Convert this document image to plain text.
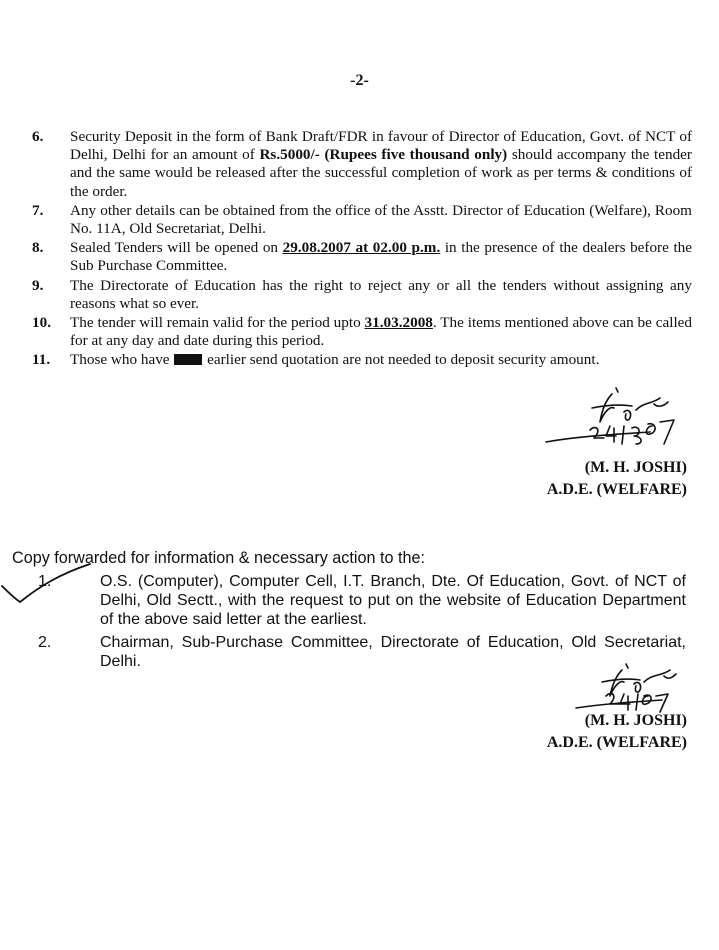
-2-
6.	Security Deposit in the form of Bank Draft/FDR in favour of Director of Education, Govt. of NCT of Delhi, Delhi for an amount of Rs.5000/- (Rupees five thousand only) should accompany the tender and the same would be released after the successful completion of work as per terms & conditions of the order.
7.	Any other details can be obtained from the office of the Asstt. Director of Education (Welfare), Room No. 11A, Old Secretariat, Delhi.
8.	Sealed Tenders will be opened on 29.08.2007 at 02.00 p.m. in the presence of the dealers before the Sub Purchase Committee.
9.	The Directorate of Education has the right to reject any or all the tenders without assigning any reasons what so ever.
10.	The tender will remain valid for the period upto 31.03.2008. The items mentioned above can be called for at any day and date during this period.
11.	Those who have  earlier send quotation are not needed to deposit security amount.
(M. H. JOSHI)
A.D.E. (WELFARE)
Copy forwarded for information & necessary action to the:
1.	O.S. (Computer), Computer Cell, I.T. Branch, Dte. Of Education, Govt. of NCT of Delhi, Old Sectt., with the request to put on the website of Education Department of the above said letter at the earliest.
2.	Chairman, Sub-Purchase Committee, Directorate of Education, Old Secretariat, Delhi.
(M. H. JOSHI)
A.D.E. (WELFARE)
